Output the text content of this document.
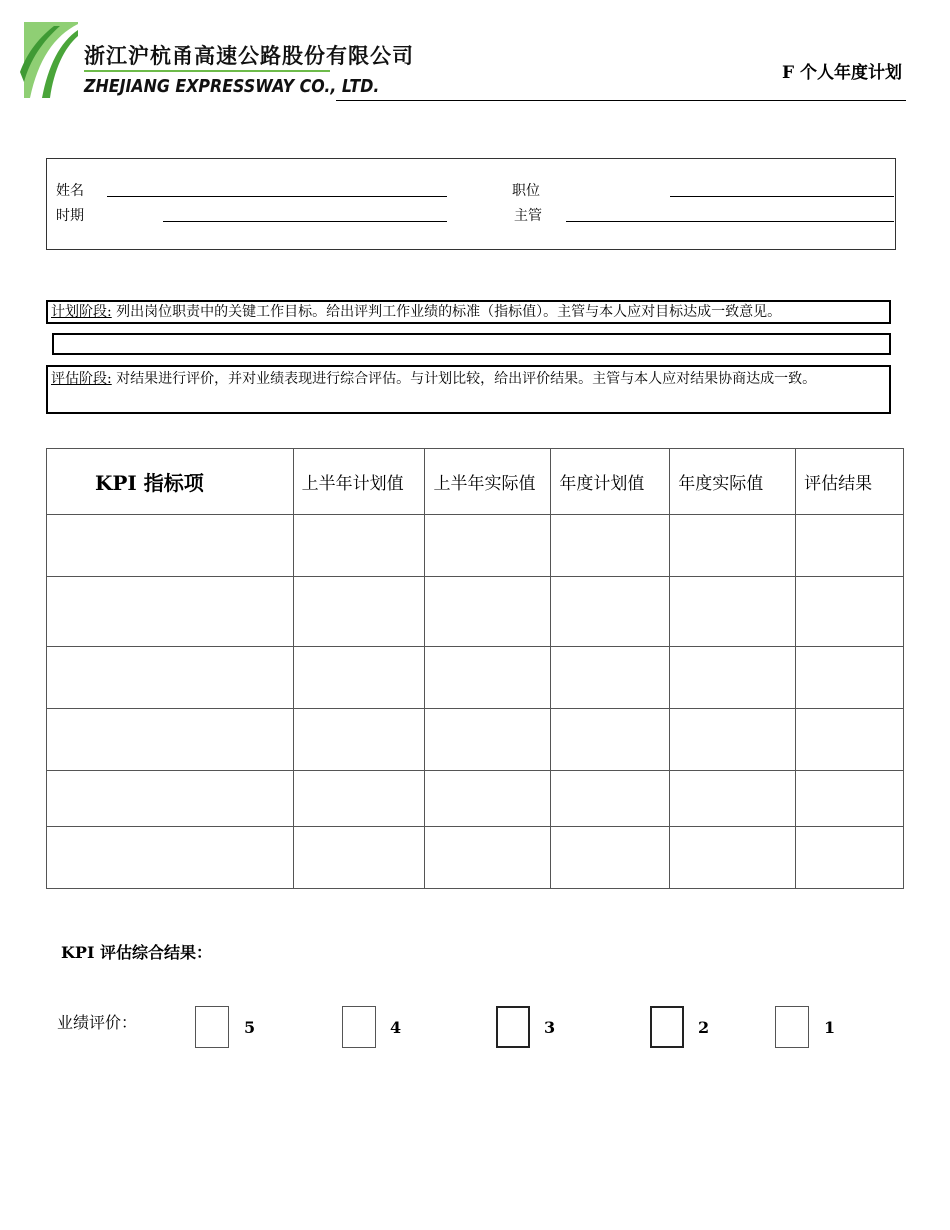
浙江沪杭甬高速公路股份有限公司
ZHEJIANG EXPRESSWAY CO., LTD.
F 个人年度计划
姓名	职位
时期	主管
计划阶段: 列出岗位职责中的关键工作目标。给出评判工作业绩的标准（指标值）。主管与本人应对目标达成一致意见。
评估阶段: 对结果进行评价，并对业绩表现进行综合评估。与计划比较，给出评价结果。主管与本人应对结果协商达成一致。
KPI 指标项	上半年计划值	上半年实际值	年度计划值	年度实际值	评估结果

KPI 评估综合结果：
业绩评价：	5	4	3	2	1
